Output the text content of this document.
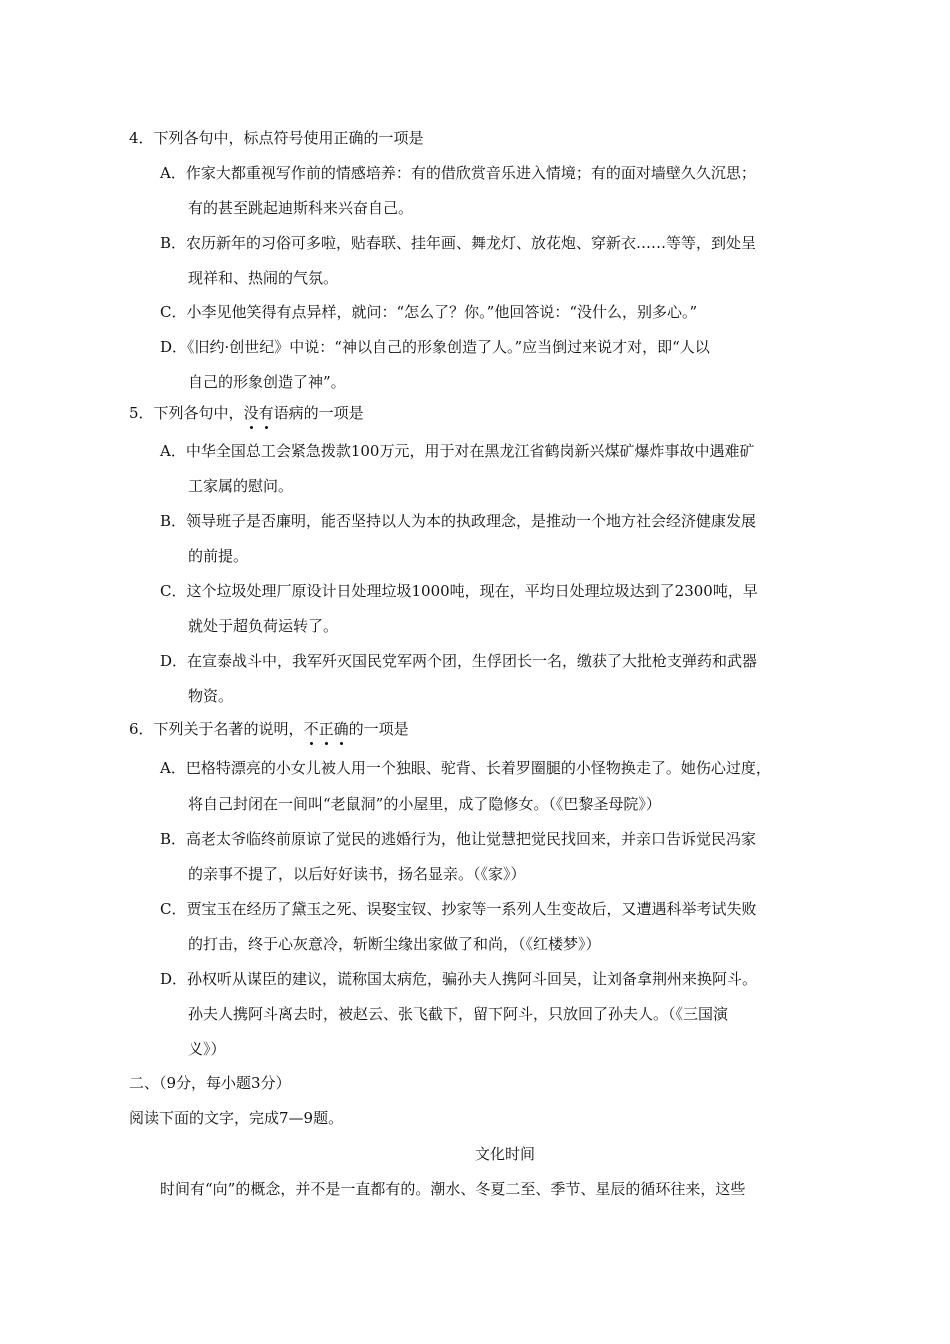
4．下列各句中，标点符号使用正确的一项是
A．作家大都重视写作前的情感培养：有的借欣赏音乐进入情境；有的面对墙壁久久沉思；
有的甚至跳起迪斯科来兴奋自己。
B．农历新年的习俗可多啦，贴春联、挂年画、舞龙灯、放花炮、穿新衣……等等，到处呈
现祥和、热闹的气氛。
C．小李见他笑得有点异样，就问：“怎么了？你。”他回答说：“没什么，别多心。”
D．《旧约·创世纪》中说：“神以自己的形象创造了人。”应当倒过来说才对，即“人以
自己的形象创造了神”。
5．下列各句中，没有语病的一项是
A．中华全国总工会紧急拨款100万元，用于对在黑龙江省鹤岗新兴煤矿爆炸事故中遇难矿
工家属的慰问。
B．领导班子是否廉明，能否坚持以人为本的执政理念，是推动一个地方社会经济健康发展
的前提。
C．这个垃圾处理厂原设计日处理垃圾1000吨，现在，平均日处理垃圾达到了2300吨，早
就处于超负荷运转了。
D．在宣泰战斗中，我军歼灭国民党军两个团，生俘团长一名，缴获了大批枪支弹药和武器
物资。
6．下列关于名著的说明，不正确的一项是
A．巴格特漂亮的小女儿被人用一个独眼、驼背、长着罗圈腿的小怪物换走了。她伤心过度，
将自己封闭在一间叫“老鼠洞”的小屋里，成了隐修女。（《巴黎圣母院》）
B．高老太爷临终前原谅了觉民的逃婚行为，他让觉慧把觉民找回来，并亲口告诉觉民冯家
的亲事不提了，以后好好读书，扬名显亲。（《家》）
C．贾宝玉在经历了黛玉之死、误娶宝钗、抄家等一系列人生变故后，又遭遇科举考试失败
的打击，终于心灰意冷，斩断尘缘出家做了和尚，（《红楼梦》）
D．孙权听从谋臣的建议，谎称国太病危，骗孙夫人携阿斗回吴，让刘备拿荆州来换阿斗。
孙夫人携阿斗离去时，被赵云、张飞截下，留下阿斗，只放回了孙夫人。（《三国演
义》）
二、（9分，每小题3分）
阅读下面的文字，完成7—9题。
文化时间
时间有“向”的概念，并不是一直都有的。潮水、冬夏二至、季节、星辰的循环往来，这些
